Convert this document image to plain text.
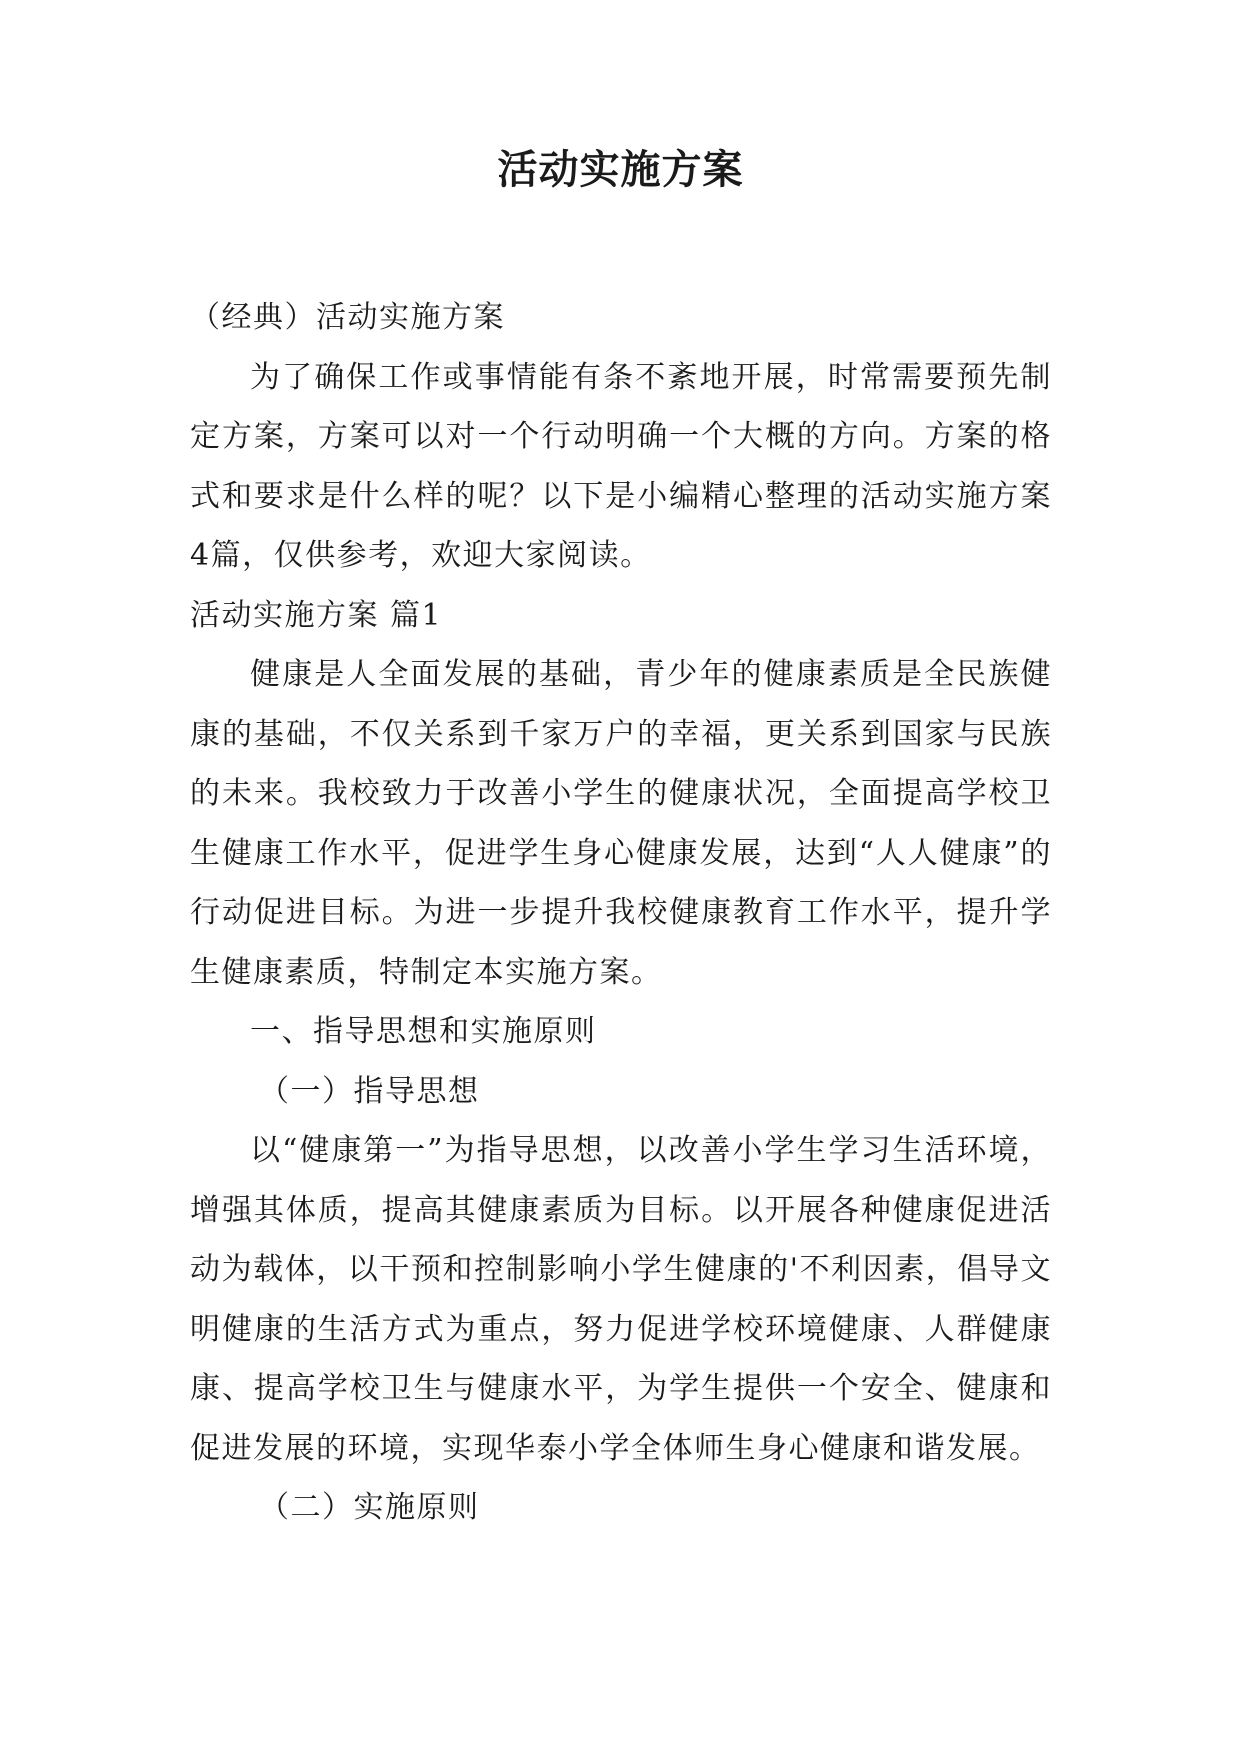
活动实施方案

（经典）活动实施方案

为了确保工作或事情能有条不紊地开展，时常需要预先制定方案，方案可以对一个行动明确一个大概的方向。方案的格式和要求是什么样的呢？以下是小编精心整理的活动实施方案4篇，仅供参考，欢迎大家阅读。

活动实施方案 篇1

健康是人全面发展的基础，青少年的健康素质是全民族健康的基础，不仅关系到千家万户的幸福，更关系到国家与民族的未来。我校致力于改善小学生的健康状况，全面提高学校卫生健康工作水平，促进学生身心健康发展，达到“人人健康”的行动促进目标。为进一步提升我校健康教育工作水平，提升学生健康素质，特制定本实施方案。

一、指导思想和实施原则

（一）指导思想

以“健康第一”为指导思想，以改善小学生学习生活环境，增强其体质，提高其健康素质为目标。以开展各种健康促进活动为载体，以干预和控制影响小学生健康的'不利因素，倡导文明健康的生活方式为重点，努力促进学校环境健康、人群健康康、提高学校卫生与健康水平，为学生提供一个安全、健康和促进发展的环境，实现华泰小学全体师生身心健康和谐发展。

（二）实施原则
